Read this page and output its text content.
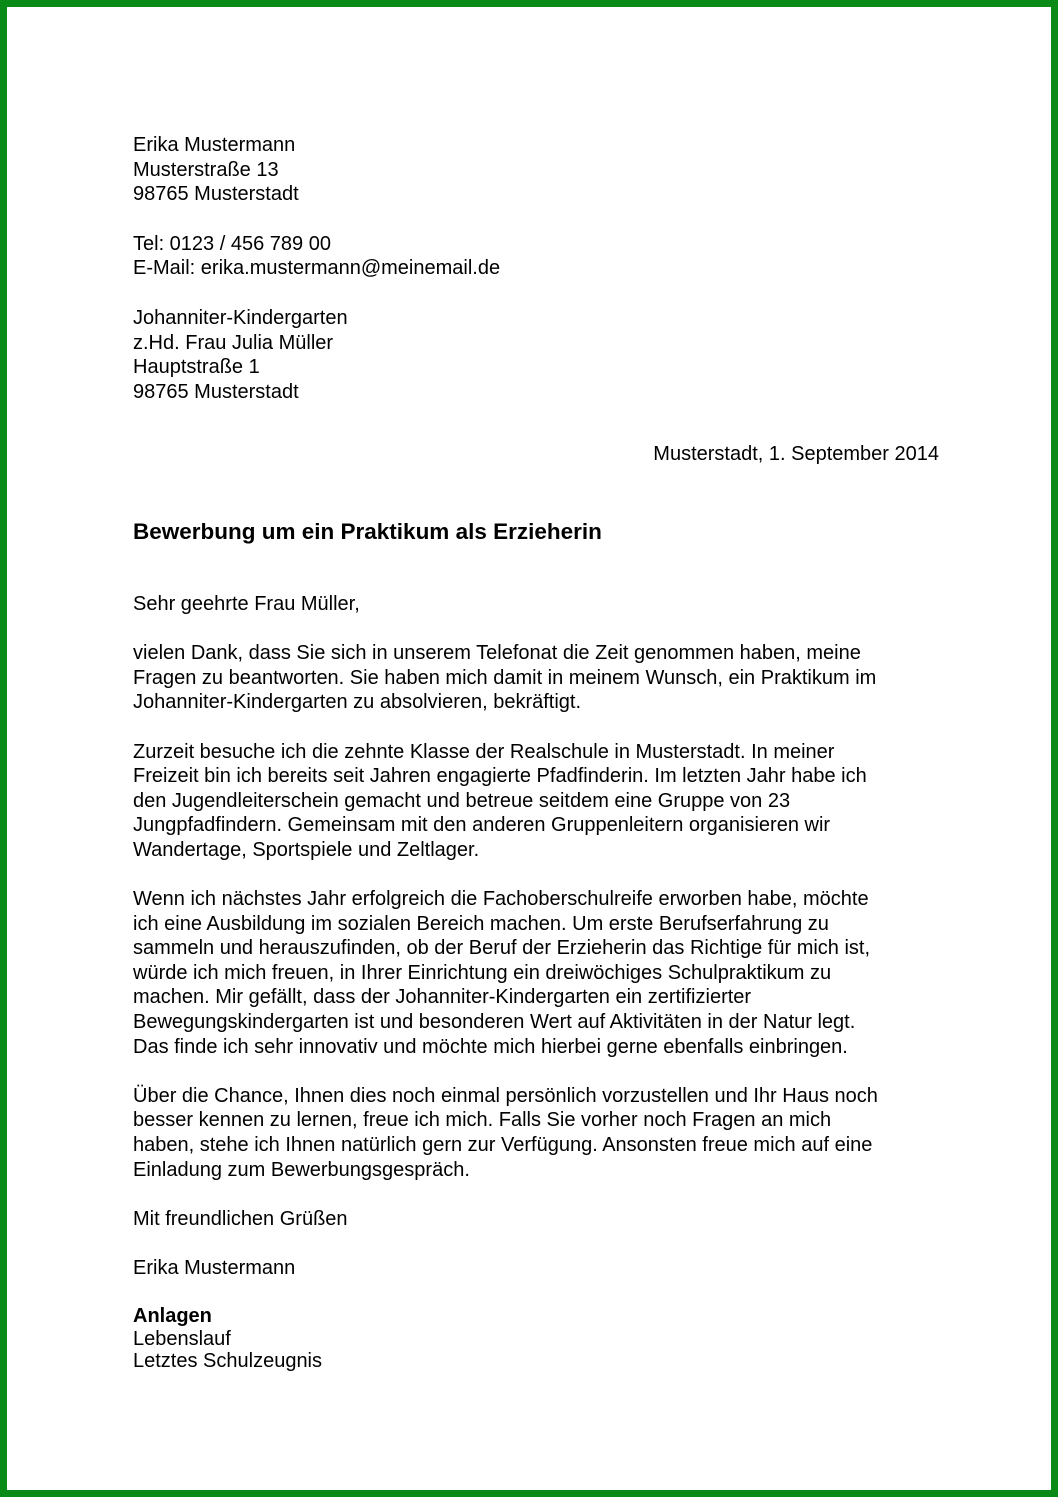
Erika Mustermann
Musterstraße 13
98765 Musterstadt
Tel: 0123 / 456 789 00
E-Mail: erika.mustermann@meinemail.de
Johanniter-Kindergarten
z.Hd. Frau Julia Müller
Hauptstraße 1
98765 Musterstadt
Musterstadt, 1. September 2014
Bewerbung um ein Praktikum als Erzieherin
Sehr geehrte Frau Müller,
vielen Dank, dass Sie sich in unserem Telefonat die Zeit genommen haben, meine
Fragen zu beantworten. Sie haben mich damit in meinem Wunsch, ein Praktikum im
Johanniter-Kindergarten zu absolvieren, bekräftigt.
Zurzeit besuche ich die zehnte Klasse der Realschule in Musterstadt. In meiner
Freizeit bin ich bereits seit Jahren engagierte Pfadfinderin. Im letzten Jahr habe ich
den Jugendleiterschein gemacht und betreue seitdem eine Gruppe von 23
Jungpfadfindern. Gemeinsam mit den anderen Gruppenleitern organisieren wir
Wandertage, Sportspiele und Zeltlager.
Wenn ich nächstes Jahr erfolgreich die Fachoberschulreife erworben habe, möchte
ich eine Ausbildung im sozialen Bereich machen. Um erste Berufserfahrung zu
sammeln und herauszufinden, ob der Beruf der Erzieherin das Richtige für mich ist,
würde ich mich freuen, in Ihrer Einrichtung ein dreiwöchiges Schulpraktikum zu
machen. Mir gefällt, dass der Johanniter-Kindergarten ein zertifizierter
Bewegungskindergarten ist und besonderen Wert auf Aktivitäten in der Natur legt.
Das finde ich sehr innovativ und möchte mich hierbei gerne ebenfalls einbringen.
Über die Chance, Ihnen dies noch einmal persönlich vorzustellen und Ihr Haus noch
besser kennen zu lernen, freue ich mich. Falls Sie vorher noch Fragen an mich
haben, stehe ich Ihnen natürlich gern zur Verfügung. Ansonsten freue mich auf eine
Einladung zum Bewerbungsgespräch.
Mit freundlichen Grüßen
Erika Mustermann
Anlagen
Lebenslauf
Letztes Schulzeugnis
